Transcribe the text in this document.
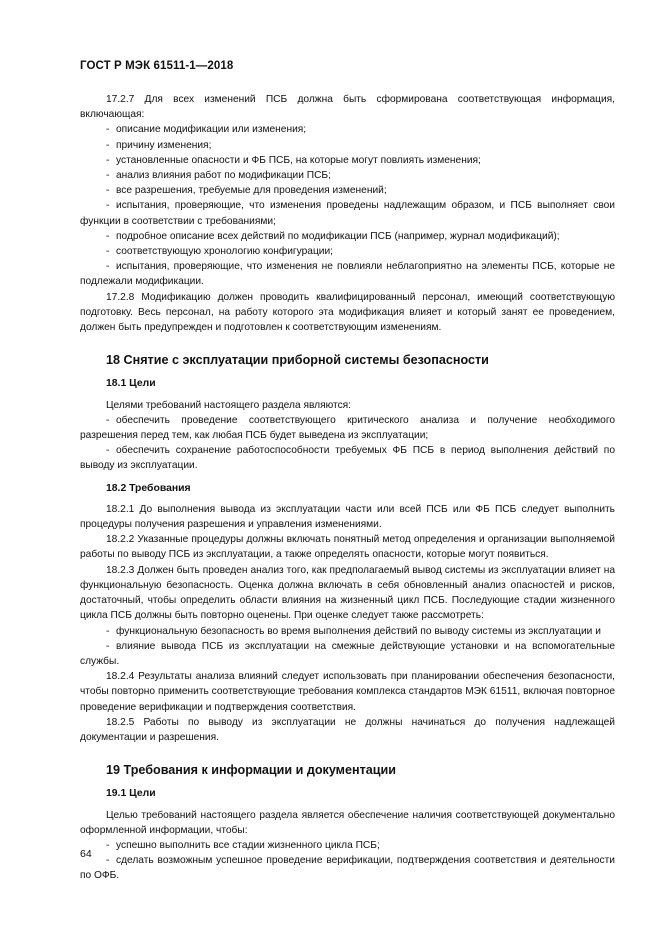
ГОСТ Р МЭК 61511-1—2018
17.2.7 Для всех изменений ПСБ должна быть сформирована соответствующая информация, включающая:
- описание модификации или изменения;
- причину изменения;
- установленные опасности и ФБ ПСБ, на которые могут повлиять изменения;
- анализ влияния работ по модификации ПСБ;
- все разрешения, требуемые для проведения изменений;
- испытания, проверяющие, что изменения проведены надлежащим образом, и ПСБ выполняет свои функции в соответствии с требованиями;
- подробное описание всех действий по модификации ПСБ (например, журнал модификаций);
- соответствующую хронологию конфигурации;
- испытания, проверяющие, что изменения не повлияли неблагоприятно на элементы ПСБ, которые не подлежали модификации.
17.2.8 Модификацию должен проводить квалифицированный персонал, имеющий соответствующую подготовку. Весь персонал, на работу которого эта модификация влияет и который занят ее проведением, должен быть предупрежден и подготовлен к соответствующим изменениям.
18 Снятие с эксплуатации приборной системы безопасности
18.1 Цели
Целями требований настоящего раздела являются:
- обеспечить проведение соответствующего критического анализа и получение необходимого разрешения перед тем, как любая ПСБ будет выведена из эксплуатации;
- обеспечить сохранение работоспособности требуемых ФБ ПСБ в период выполнения действий по выводу из эксплуатации.
18.2 Требования
18.2.1 До выполнения вывода из эксплуатации части или всей ПСБ или ФБ ПСБ следует выполнить процедуры получения разрешения и управления изменениями.
18.2.2 Указанные процедуры должны включать понятный метод определения и организации выполняемой работы по выводу ПСБ из эксплуатации, а также определять опасности, которые могут появиться.
18.2.3 Должен быть проведен анализ того, как предполагаемый вывод системы из эксплуатации влияет на функциональную безопасность. Оценка должна включать в себя обновленный анализ опасностей и рисков, достаточный, чтобы определить области влияния на жизненный цикл ПСБ. Последующие стадии жизненного цикла ПСБ должны быть повторно оценены. При оценке следует также рассмотреть:
- функциональную безопасность во время выполнения действий по выводу системы из эксплуатации и
- влияние вывода ПСБ из эксплуатации на смежные действующие установки и на вспомогательные службы.
18.2.4 Результаты анализа влияний следует использовать при планировании обеспечения безопасности, чтобы повторно применить соответствующие требования комплекса стандартов МЭК 61511, включая повторное проведение верификации и подтверждения соответствия.
18.2.5 Работы по выводу из эксплуатации не должны начинаться до получения надлежащей документации и разрешения.
19 Требования к информации и документации
19.1 Цели
Целью требований настоящего раздела является обеспечение наличия соответствующей документально оформленной информации, чтобы:
- успешно выполнить все стадии жизненного цикла ПСБ;
- сделать возможным успешное проведение верификации, подтверждения соответствия и деятельности по ОФБ.
64
